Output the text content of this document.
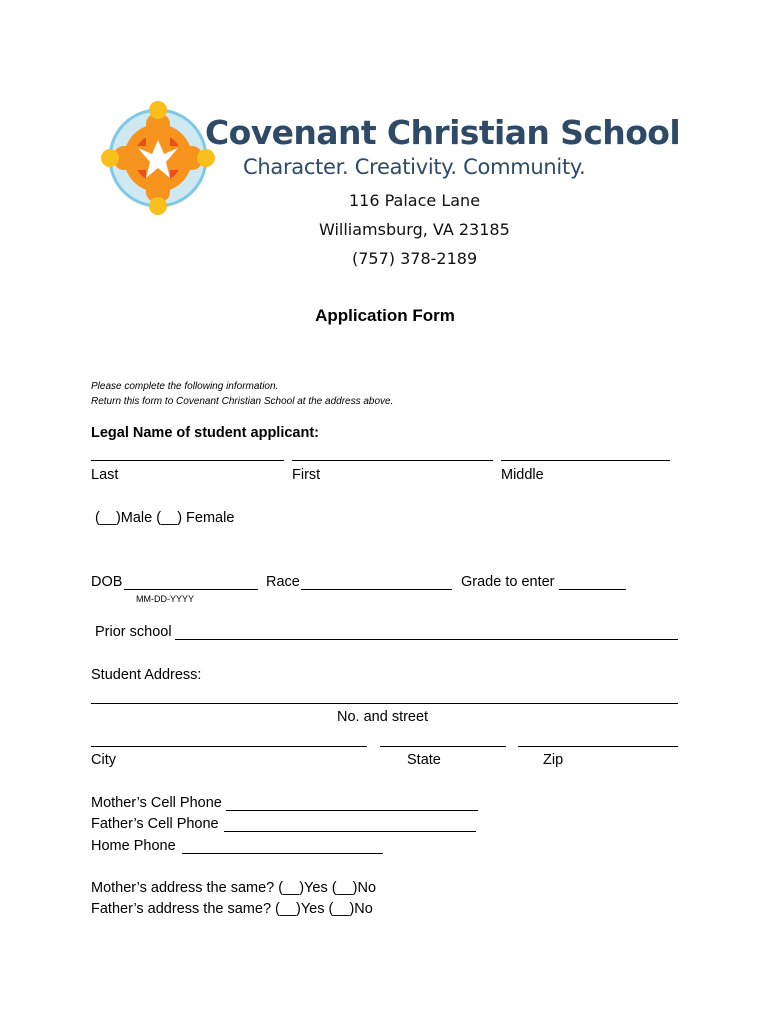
Covenant Christian School
Character. Creativity. Community.
116 Palace Lane
Williamsburg, VA 23185
(757) 378-2189
Application Form
Please complete the following information.
Return this form to Covenant Christian School at the address above.
Legal Name of student applicant:
Last	First	Middle
(__)Male (__) Female
DOB	Race	Grade to enter
MM-DD-YYYY
Prior school
Student Address:
No. and street
City	State	Zip
Mother’s Cell Phone
Father’s Cell Phone
Home Phone
Mother’s address the same? (__)Yes (__)No
Father’s address the same? (__)Yes (__)No
